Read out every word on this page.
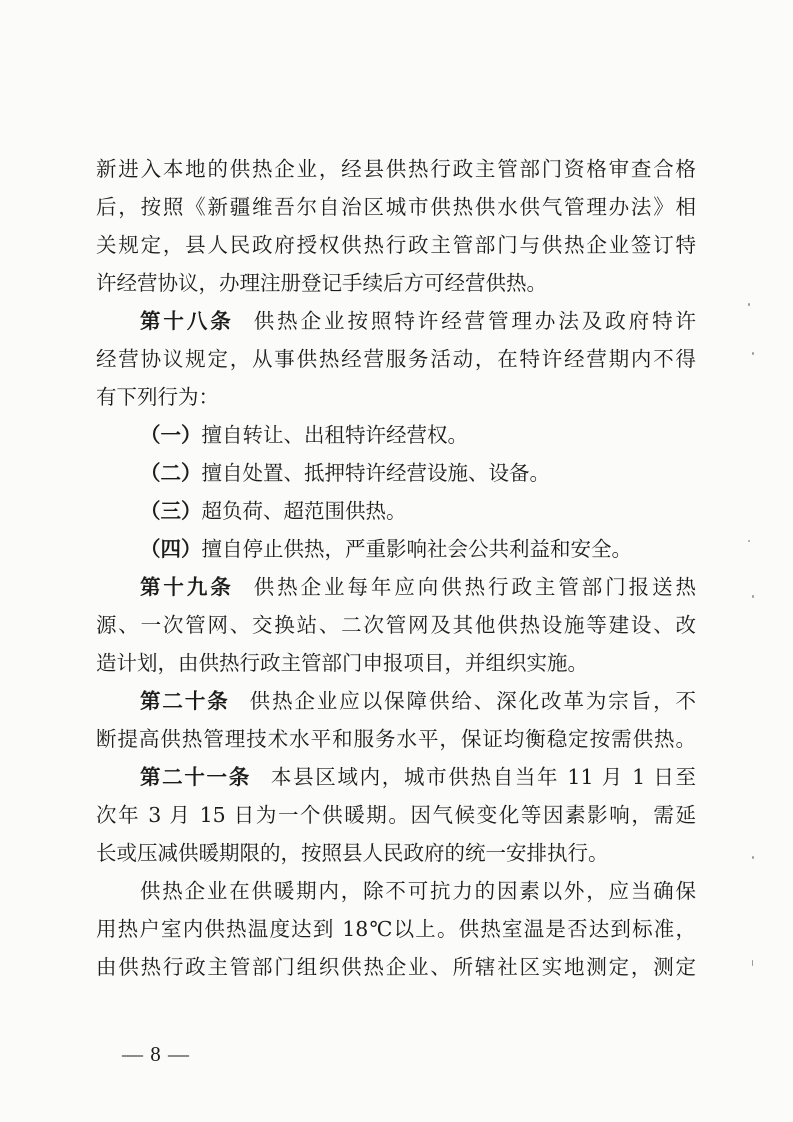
新进入本地的供热企业，经县供热行政主管部门资格审查合格
后，按照《新疆维吾尔自治区城市供热供水供气管理办法》相
关规定，县人民政府授权供热行政主管部门与供热企业签订特
许经营协议，办理注册登记手续后方可经营供热。
第十八条 供热企业按照特许经营管理办法及政府特许
经营协议规定，从事供热经营服务活动，在特许经营期内不得
有下列行为：
（一）擅自转让、出租特许经营权。
（二）擅自处置、抵押特许经营设施、设备。
（三）超负荷、超范围供热。
（四）擅自停止供热，严重影响社会公共利益和安全。
第十九条 供热企业每年应向供热行政主管部门报送热
源、一次管网、交换站、二次管网及其他供热设施等建设、改
造计划，由供热行政主管部门申报项目，并组织实施。
第二十条 供热企业应以保障供给、深化改革为宗旨，不
断提高供热管理技术水平和服务水平，保证均衡稳定按需供热。
第二十一条 本县区域内，城市供热自当年 11 月 1 日至
次年 3 月 15 日为一个供暖期。因气候变化等因素影响，需延
长或压减供暖期限的，按照县人民政府的统一安排执行。
供热企业在供暖期内，除不可抗力的因素以外，应当确保
用热户室内供热温度达到 18℃以上。供热室温是否达到标准，
由供热行政主管部门组织供热企业、所辖社区实地测定，测定
— 8 —
